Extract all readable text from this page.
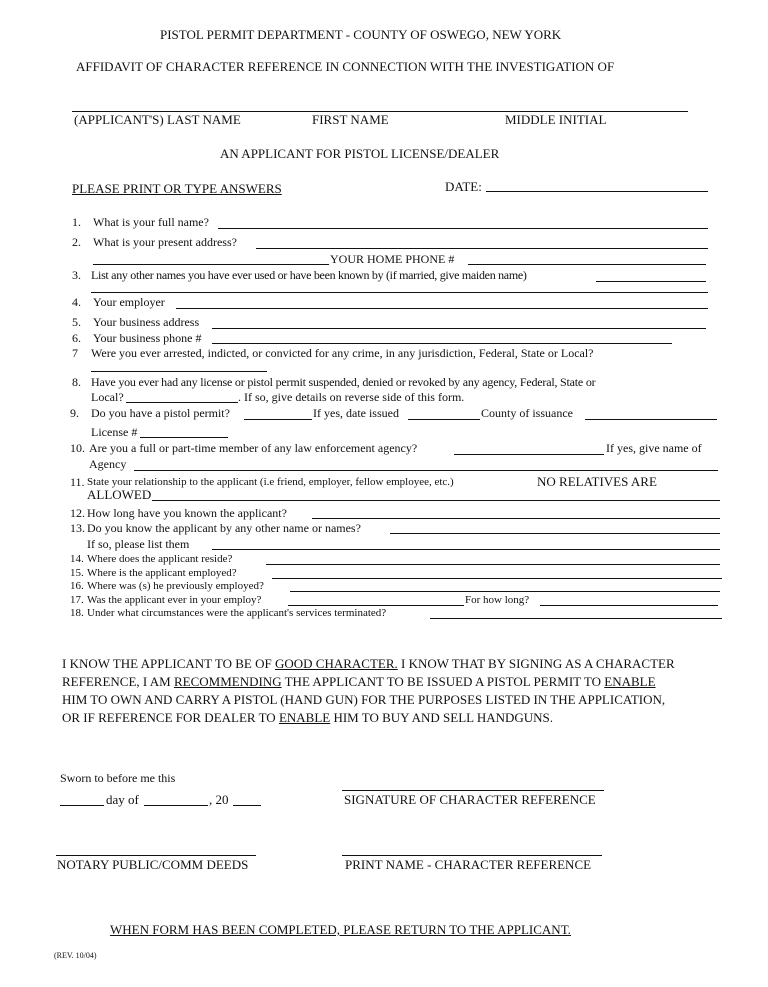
PISTOL PERMIT DEPARTMENT - COUNTY OF OSWEGO, NEW YORK
AFFIDAVIT OF CHARACTER REFERENCE IN CONNECTION WITH THE INVESTIGATION OF
(APPLICANT'S) LAST NAME	FIRST NAME	MIDDLE INITIAL
AN APPLICANT FOR PISTOL LICENSE/DEALER
PLEASE PRINT OR TYPE ANSWERS	DATE:
1. What is your full name?
2. What is your present address?
YOUR HOME PHONE #
3. List any other names you have ever used or have been known by (if married, give maiden name)
4. Your employer
5. Your business address
6. Your business phone #
7 Were you ever arrested, indicted, or convicted for any crime, in any jurisdiction, Federal, State or Local?
8. Have you ever had any license or pistol permit suspended, denied or revoked by any agency, Federal, State or
Local?	. If so, give details on reverse side of this form.
9. Do you have a pistol permit?	If yes, date issued	County of issuance
License #
10. Are you a full or part-time member of any law enforcement agency?	If yes, give name of
Agency
11. State your relationship to the applicant (i.e friend, employer, fellow employee, etc.)	NO RELATIVES ARE
ALLOWED
12. How long have you known the applicant?
13. Do you know the applicant by any other name or names?
If so, please list them
14. Where does the applicant reside?
15. Where is the applicant employed?
16. Where was (s) he previously employed?
17. Was the applicant ever in your employ?	For how long?
18. Under what circumstances were the applicant's services terminated?
I KNOW THE APPLICANT TO BE OF GOOD CHARACTER. I KNOW THAT BY SIGNING AS A CHARACTER REFERENCE, I AM RECOMMENDING THE APPLICANT TO BE ISSUED A PISTOL PERMIT TO ENABLE HIM TO OWN AND CARRY A PISTOL (HAND GUN) FOR THE PURPOSES LISTED IN THE APPLICATION, OR IF REFERENCE FOR DEALER TO ENABLE HIM TO BUY AND SELL HANDGUNS.
Sworn to before me this
day of	, 20	SIGNATURE OF CHARACTER REFERENCE
NOTARY PUBLIC/COMM DEEDS	PRINT NAME - CHARACTER REFERENCE
WHEN FORM HAS BEEN COMPLETED, PLEASE RETURN TO THE APPLICANT.
(REV. 10/04)
